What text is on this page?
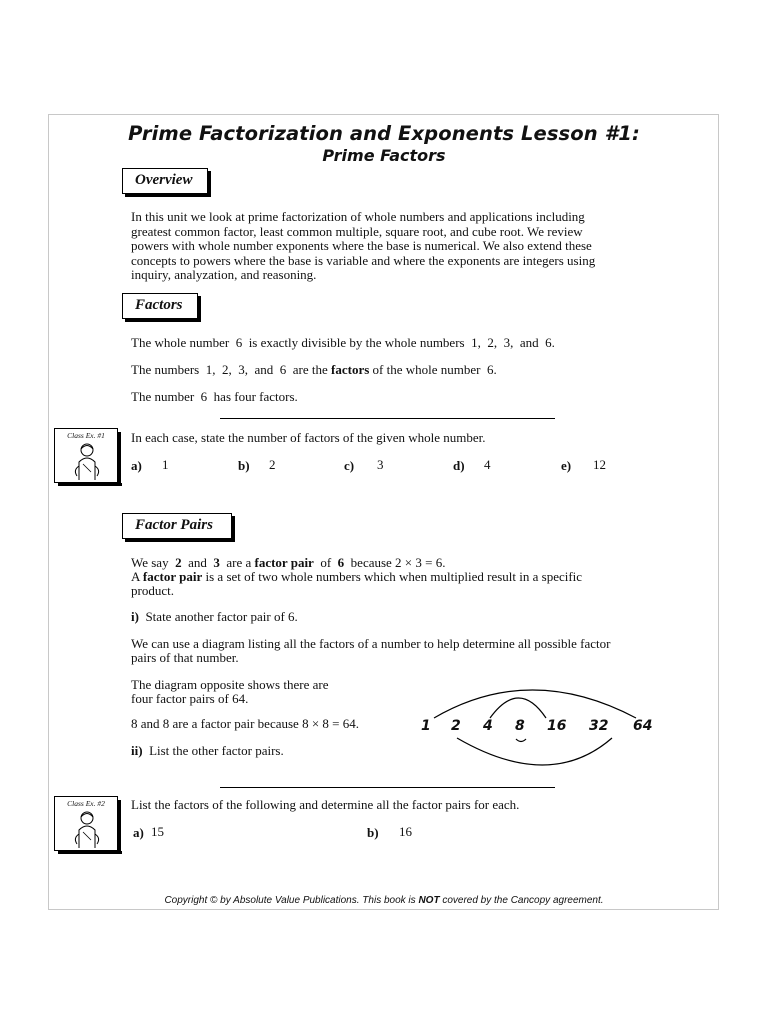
Prime Factorization and Exponents Lesson #1:
Prime Factors
Overview
In this unit we look at prime factorization of whole numbers and applications including
greatest common factor, least common multiple, square root, and cube root. We review
powers with whole number exponents where the base is numerical. We also extend these
concepts to powers where the base is variable and where the exponents are integers using
inquiry, analyzation, and reasoning.
Factors
The whole number  6  is exactly divisible by the whole numbers  1,  2,  3,  and  6.
The numbers  1,  2,  3,  and  6  are the factors of the whole number  6.
The number  6  has four factors.
Class Ex. #1	In each case, state the number of factors of the given whole number.
a) 1	b) 2	c) 3	d) 4	e) 12
Factor Pairs
We say  2  and  3  are a factor pair  of  6  because 2 × 3 = 6.
A factor pair is a set of two whole numbers which when multiplied result in a specific
product.
i) State another factor pair of 6.
We can use a diagram listing all the factors of a number to help determine all possible factor
pairs of that number.
The diagram opposite shows there are
four factor pairs of 64.
8 and 8 are a factor pair because 8 × 8 = 64.
ii) List the other factor pairs.
1 2 4 8 16 32 64
Class Ex. #2	List the factors of the following and determine all the factor pairs for each.
a) 15	b) 16
Copyright © by Absolute Value Publications. This book is NOT covered by the Cancopy agreement.
